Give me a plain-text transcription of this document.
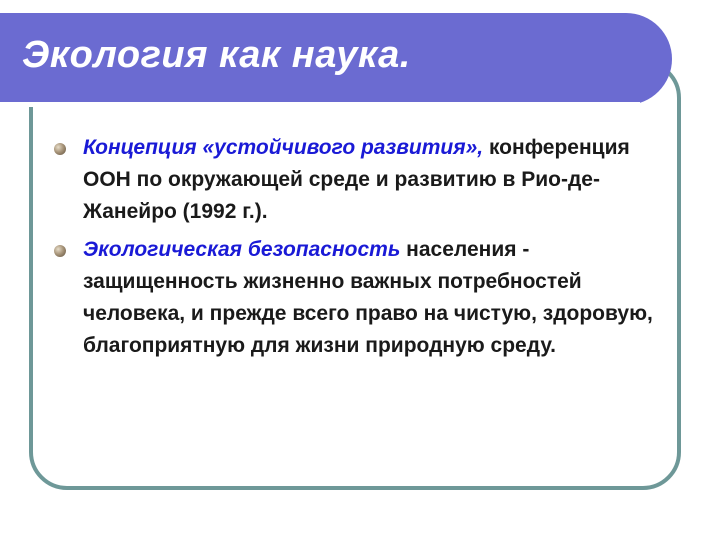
Экология как наука.
Концепция «устойчивого развития», конференция ООН по окружающей среде и развитию в Рио-де-Жанейро (1992 г.).
Экологическая безопасность населения - защищенность жизненно важных потребностей человека, и прежде всего право на чистую, здоровую, благоприятную для жизни природную среду.
